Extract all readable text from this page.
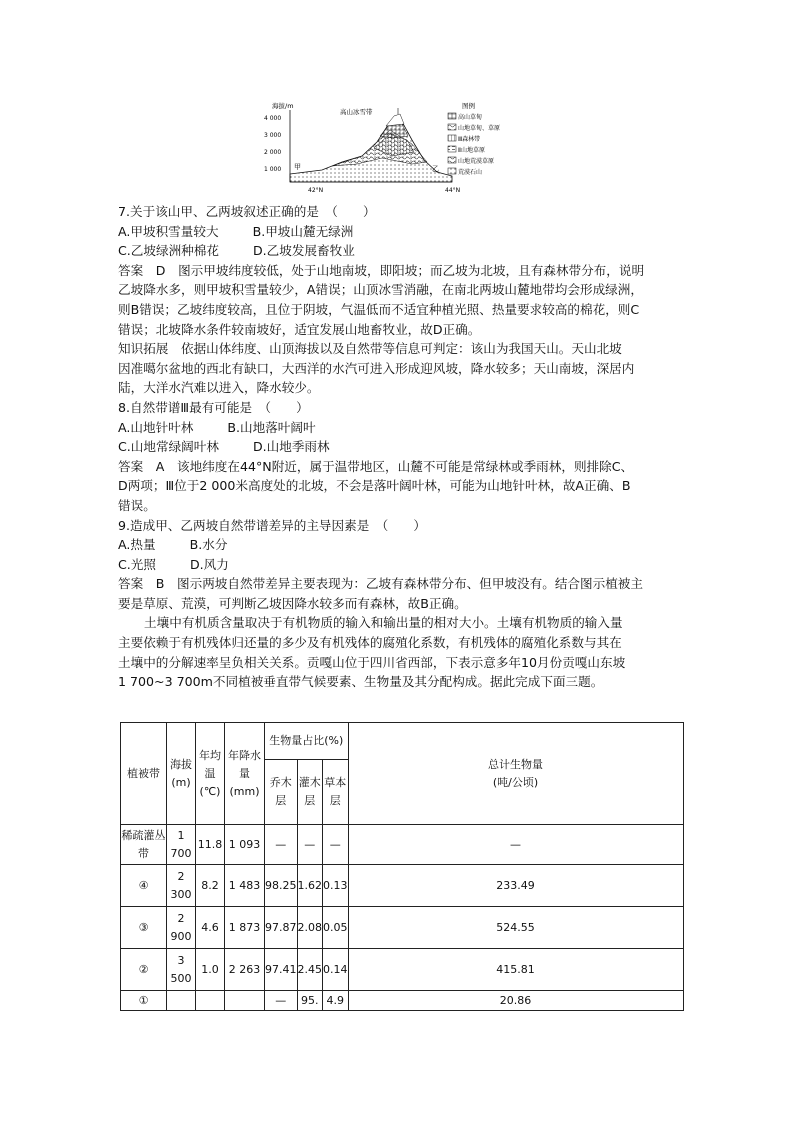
海拔/m
4 000
3 000
2 000
1 000
42°N	44°N
高山冰雪带
甲	乙
图例
高山草甸
山地草甸、草原
Ⅲ森林带
Ⅱ山地草原
山地荒漠草原
荒漠石山
7.关于该山甲、乙两坡叙述正确的是　（　　）
A.甲坡积雪量较大	B.甲坡山麓无绿洲
C.乙坡绿洲种棉花	D.乙坡发展畜牧业
答案　D　图示甲坡纬度较低，处于山地南坡，即阳坡；而乙坡为北坡，且有森林带分布，说明
乙坡降水多，则甲坡积雪量较少，A错误；山顶冰雪消融，在南北两坡山麓地带均会形成绿洲，
则B错误；乙坡纬度较高，且位于阴坡，气温低而不适宜种植光照、热量要求较高的棉花，则C
错误；北坡降水条件较南坡好，适宜发展山地畜牧业，故D正确。
知识拓展　依据山体纬度、山顶海拔以及自然带等信息可判定：该山为我国天山。天山北坡
因准噶尔盆地的西北有缺口，大西洋的水汽可进入形成迎风坡，降水较多；天山南坡，深居内
陆，大洋水汽难以进入，降水较少。
8.自然带谱Ⅲ最有可能是　（　　）
A.山地针叶林	B.山地落叶阔叶
C.山地常绿阔叶林	D.山地季雨林
答案　A　该地纬度在44°N附近，属于温带地区，山麓不可能是常绿林或季雨林，则排除C、
D两项；Ⅲ位于2 000米高度处的北坡，不会是落叶阔叶林，可能为山地针叶林，故A正确、B
错误。
9.造成甲、乙两坡自然带谱差异的主导因素是　（　　）
A.热量	B.水分
C.光照	D.风力
答案　B　图示两坡自然带差异主要表现为：乙坡有森林带分布、但甲坡没有。结合图示植被主
要是草原、荒漠，可判断乙坡因降水较多而有森林，故B正确。
土壤中有机质含量取决于有机物质的输入和输出量的相对大小。土壤有机物质的输入量
主要依赖于有机残体归还量的多少及有机残体的腐殖化系数，有机残体的腐殖化系数与其在
土壤中的分解速率呈负相关关系。贡嘎山位于四川省西部，下表示意多年10月份贡嘎山东坡
1 700~3 700m不同植被垂直带气候要素、生物量及其分配构成。据此完成下面三题。
植被带	海拔(m)	年均温(℃)	年降水量(mm)	生物量占比(%)			总计生物量
(吨/公顷)

				乔木层	灌木层	草本层	
稀疏灌丛带	1 700	11.8	1 093	—	—	—	—
④	2 300	8.2	1 483	98.25	1.62	0.13	233.49
③	2 900	4.6	1 873	97.87	2.08	0.05	524.55
②	3 500	1.0	2 263	97.41	2.45	0.14	415.81
①				—	95.	4.9	20.86
